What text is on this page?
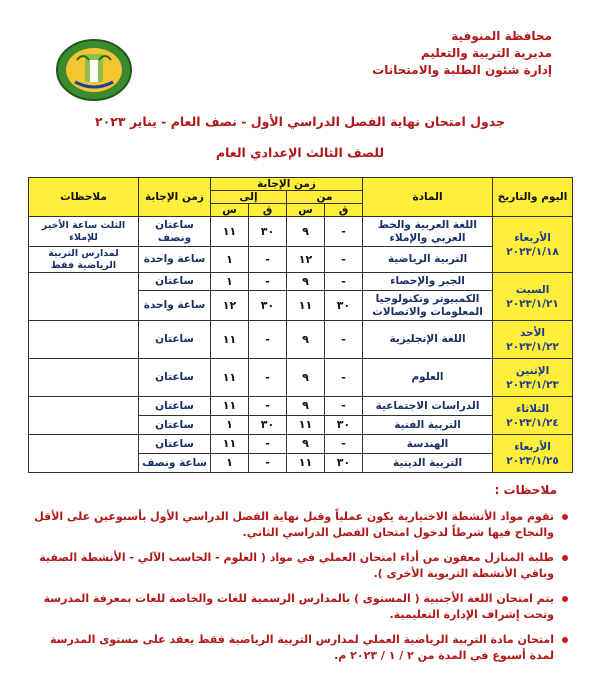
محافظة المنوفية
مديرية التربية والتعليم
إدارة شئون الطلبة والامتحانات
جدول امتحان نهاية الفصل الدراسي الأول - نصف العام - يناير ٢٠٢٣
للصف الثالث الإعدادي العام
اليوم والتاريخ	المادة	زمن الإجابة				زمن الإجابة	ملاحظات
		من		إلى			
		ق	س	ق	س		

الأربعاء
٢٠٢٣/١/١٨	اللغة العربية والخط العربي والإملاء	-	٩	٣٠	١١	ساعتان ونصف	الثلث ساعة الأخير للإملاء
	التربية الرياضية	-	١٢	-	١	ساعة واحدة	لمدارس التربية الرياضية فقط

السبت
٢٠٢٣/١/٢١	الجبر والإحصاء	-	٩	-	١	ساعتان	
	الكمبيوتر وتكنولوجيا المعلومات والاتصالات	٣٠	١١	٣٠	١٢	ساعة واحدة	

الأحد
٢٠٢٣/١/٢٢	اللغة الإنجليزية	-	٩	-	١١	ساعتان	

الإثنين
٢٠٢٣/١/٢٣	العلوم	-	٩	-	١١	ساعتان	

الثلاثاء
٢٠٢٣/١/٢٤	الدراسات الاجتماعية	-	٩	-	١١	ساعتان	
	التربية الفنية	٣٠	١١	٣٠	١	ساعتان	

الأربعاء
٢٠٢٣/١/٢٥	الهندسة	-	٩	-	١١	ساعتان	
	التربية الدينية	٣٠	١١	-	١	ساعة ونصف	
ملاحظات :
تقوم مواد الأنشطة الاختيارية يكون عملياً وقبل نهاية الفصل الدراسي الأول بأسبوعين على الأقل والنجاح فيها شرطاً لدخول امتحان الفصل الدراسي الثاني.
طلبة المنازل معفون من أداء امتحان العملي في مواد ( العلوم - الحاسب الآلي - الأنشطة الصفية وباقي الأنشطة التربوية الأخرى ).
يتم امتحان اللغة الأجنبية ( المستوى ) بالمدارس الرسمية للغات والخاصة للغات بمعرفة المدرسة وتحت إشراف الإدارة التعليمية.
امتحان مادة التربية الرياضية العملي لمدارس التربية الرياضية فقط يعقد على مستوى المدرسة لمدة أسبوع في المدة من ٢ / ١ / ٢٠٢٣ م.
